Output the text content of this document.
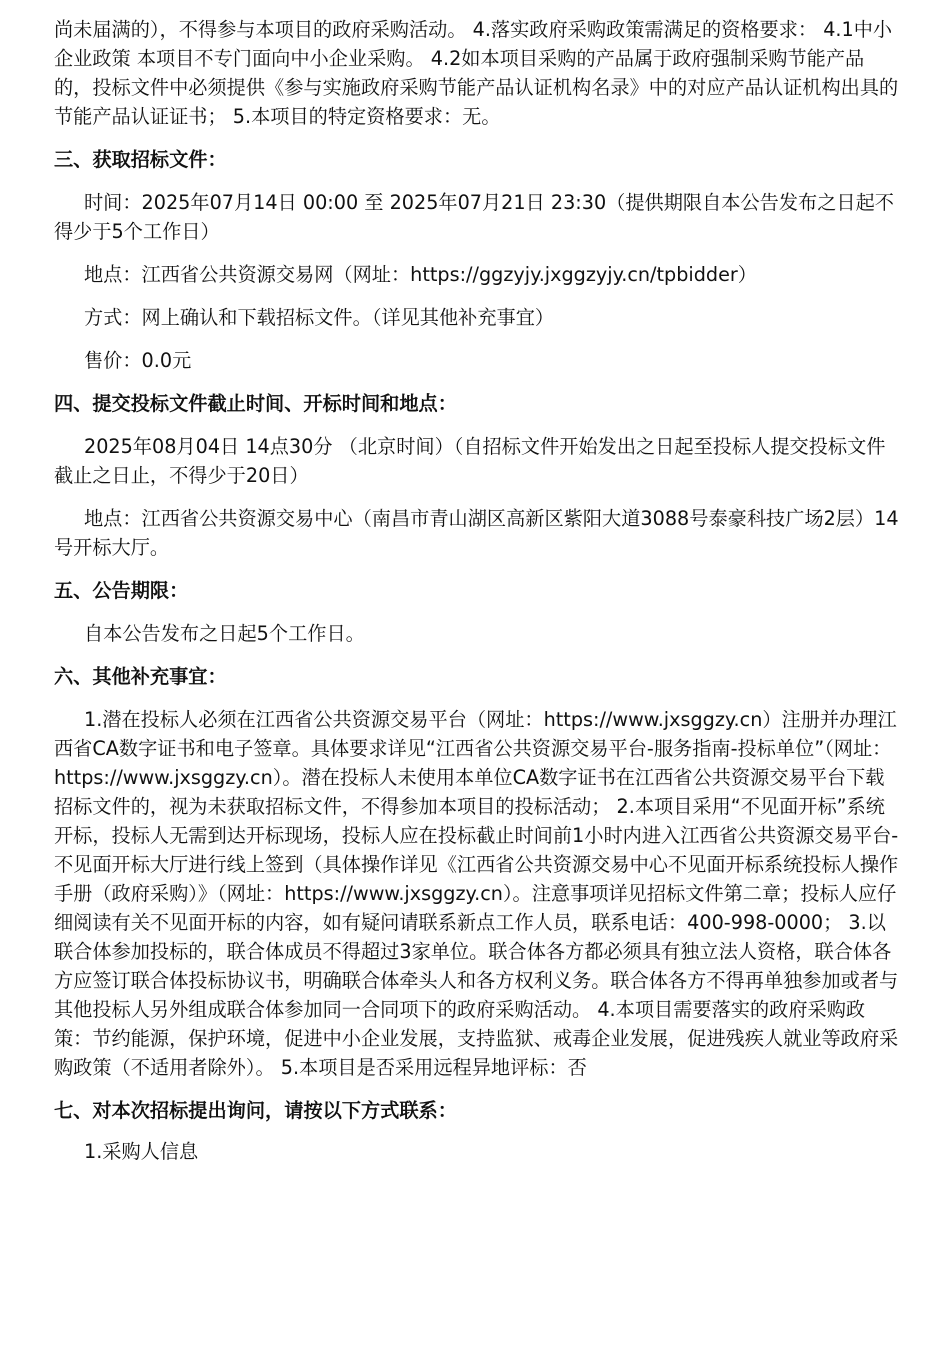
尚未届满的），不得参与本项目的政府采购活动。 4.落实政府采购政策需满足的资格要求： 4.1中小企业政策 本项目不专门面向中小企业采购。 4.2如本项目采购的产品属于政府强制采购节能产品的，投标文件中必须提供《参与实施政府采购节能产品认证机构名录》中的对应产品认证机构出具的节能产品认证证书； 5.本项目的特定资格要求：无。

三、获取招标文件：

时间：2025年07月14日 00:00 至 2025年07月21日 23:30（提供期限自本公告发布之日起不得少于5个工作日）

地点：江西省公共资源交易网（网址：https://ggzyjy.jxggzyjy.cn/tpbidder）

方式：网上确认和下载招标文件。（详见其他补充事宜）

售价：0.0元

四、提交投标文件截止时间、开标时间和地点：

2025年08月04日 14点30分 （北京时间）（自招标文件开始发出之日起至投标人提交投标文件截止之日止，不得少于20日）

地点：江西省公共资源交易中心（南昌市青山湖区高新区紫阳大道3088号泰豪科技广场2层）14号开标大厅。

五、公告期限：

自本公告发布之日起5个工作日。

六、其他补充事宜：

1.潜在投标人必须在江西省公共资源交易平台（网址：https://www.jxsggzy.cn）注册并办理江西省CA数字证书和电子签章。具体要求详见“江西省公共资源交易平台-服务指南-投标单位”（网址：https://www.jxsggzy.cn）。潜在投标人未使用本单位CA数字证书在江西省公共资源交易平台下载招标文件的，视为未获取招标文件，不得参加本项目的投标活动； 2.本项目采用“不见面开标”系统开标，投标人无需到达开标现场，投标人应在投标截止时间前1小时内进入江西省公共资源交易平台-不见面开标大厅进行线上签到（具体操作详见《江西省公共资源交易中心不见面开标系统投标人操作手册（政府采购）》（网址：https://www.jxsggzy.cn）。注意事项详见招标文件第二章；投标人应仔细阅读有关不见面开标的内容，如有疑问请联系新点工作人员，联系电话：400-998-0000； 3.以联合体参加投标的，联合体成员不得超过3家单位。联合体各方都必须具有独立法人资格，联合体各方应签订联合体投标协议书，明确联合体牵头人和各方权利义务。联合体各方不得再单独参加或者与其他投标人另外组成联合体参加同一合同项下的政府采购活动。 4.本项目需要落实的政府采购政策：节约能源，保护环境，促进中小企业发展，支持监狱、戒毒企业发展，促进残疾人就业等政府采购政策（不适用者除外）。 5.本项目是否采用远程异地评标：否

七、对本次招标提出询问，请按以下方式联系：

1.采购人信息
